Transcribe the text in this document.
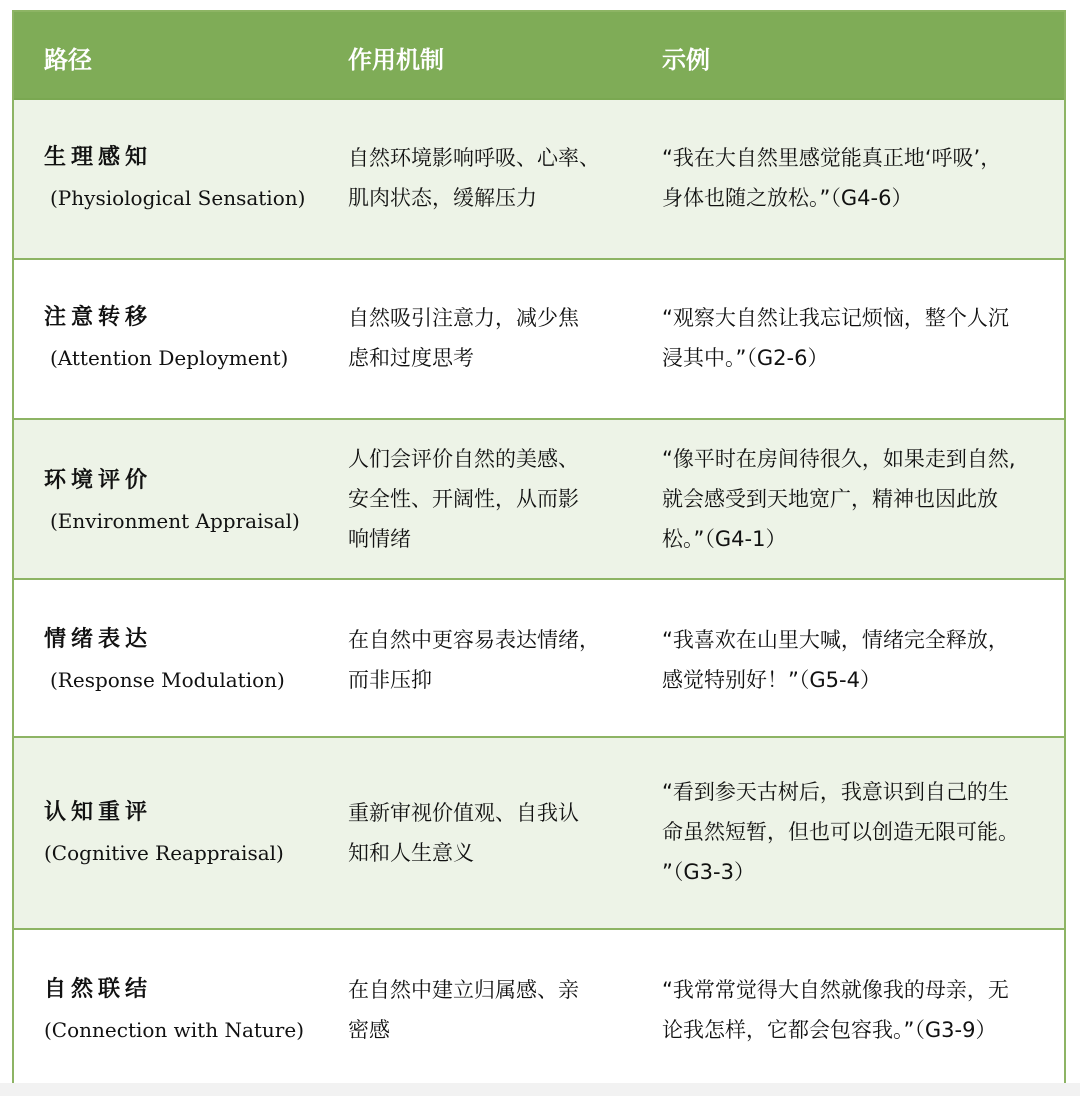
路径	作用机制	示例
生理感知
(Physiological Sensation)
自然环境影响呼吸、心率、
肌肉状态，缓解压力
“我在大自然里感觉能真正地‘呼吸’，
身体也随之放松。”（G4-6）
注意转移
(Attention Deployment)
自然吸引注意力，减少焦
虑和过度思考
“观察大自然让我忘记烦恼，整个人沉
浸其中。”（G2-6）
环境评价
(Environment Appraisal)
人们会评价自然的美感、
安全性、开阔性，从而影
响情绪
“像平时在房间待很久，如果走到自然,
就会感受到天地宽广，精神也因此放
松。”（G4-1）
情绪表达
(Response Modulation)
在自然中更容易表达情绪，
而非压抑
“我喜欢在山里大喊，情绪完全释放，
感觉特别好！”（G5-4）
认知重评
(Cognitive Reappraisal)
重新审视价值观、自我认
知和人生意义
“看到参天古树后，我意识到自己的生
命虽然短暂，但也可以创造无限可能。
”（G3-3）
自然联结
(Connection with Nature)
在自然中建立归属感、亲
密感
“我常常觉得大自然就像我的母亲，无
论我怎样，它都会包容我。”（G3-9）
